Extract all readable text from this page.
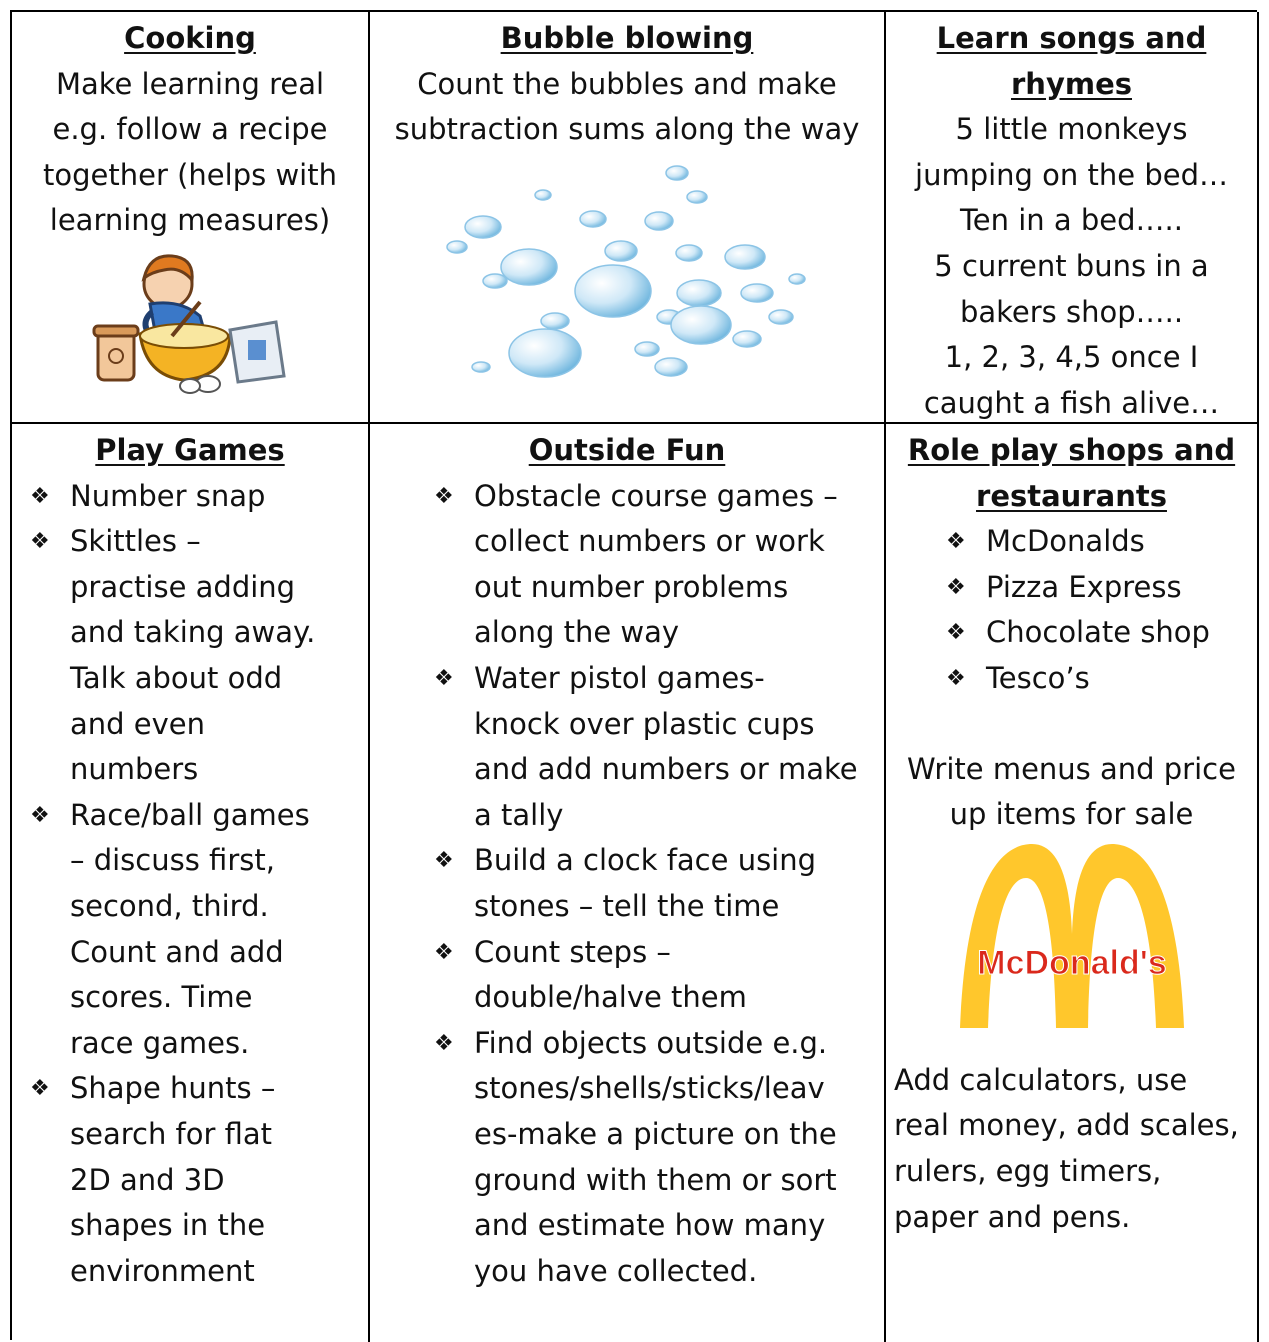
Cooking
Make learning real
e.g. follow a recipe
together (helps with
learning measures)
Bubble blowing
Count the bubbles and make
subtraction sums along the way
Learn songs and
rhymes
5 little monkeys
jumping on the bed…
Ten in a bed…..
5 current buns in a
bakers shop…..
1, 2, 3, 4,5 once I
caught a fish alive…
Play Games
❖ Number snap
❖ Skittles –
practise adding
and taking away.
Talk about odd
and even
numbers
❖ Race/ball games
– discuss first,
second, third.
Count and add
scores. Time
race games.
❖ Shape hunts –
search for flat
2D and 3D
shapes in the
environment
Outside Fun
❖ Obstacle course games –
collect numbers or work
out number problems
along the way
❖ Water pistol games-
knock over plastic cups
and add numbers or make
a tally
❖ Build a clock face using
stones – tell the time
❖ Count steps –
double/halve them
❖ Find objects outside e.g.
stones/shells/sticks/leav
es-make a picture on the
ground with them or sort
and estimate how many
you have collected.
Role play shops and
restaurants
❖ McDonalds
❖ Pizza Express
❖ Chocolate shop
❖ Tesco’s
Write menus and price
up items for sale
McDonald's
Add calculators, use
real money, add scales,
rulers, egg timers,
paper and pens.
